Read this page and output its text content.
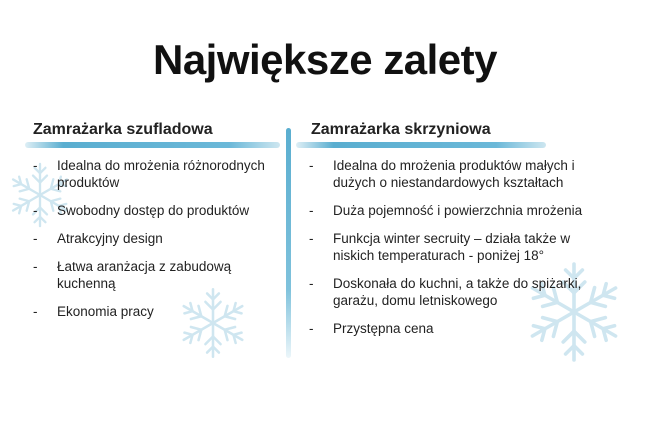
Największe zalety
Zamrażarka szufladowa	Zamrażarka skrzyniowa
- Idealna do mrożenia różnorodnych produktów
- Swobodny dostęp do produktów
- Atrakcyjny design
- Łatwa aranżacja z zabudową kuchenną
- Ekonomia pracy
- Idealna do mrożenia produktów małych i dużych o niestandardowych kształtach
- Duża pojemność i powierzchnia mrożenia
- Funkcja winter secruity – działa także w niskich temperaturach - poniżej 18°
- Doskonała do kuchni, a także do spiżarki, garażu, domu letniskowego
- Przystępna cena
